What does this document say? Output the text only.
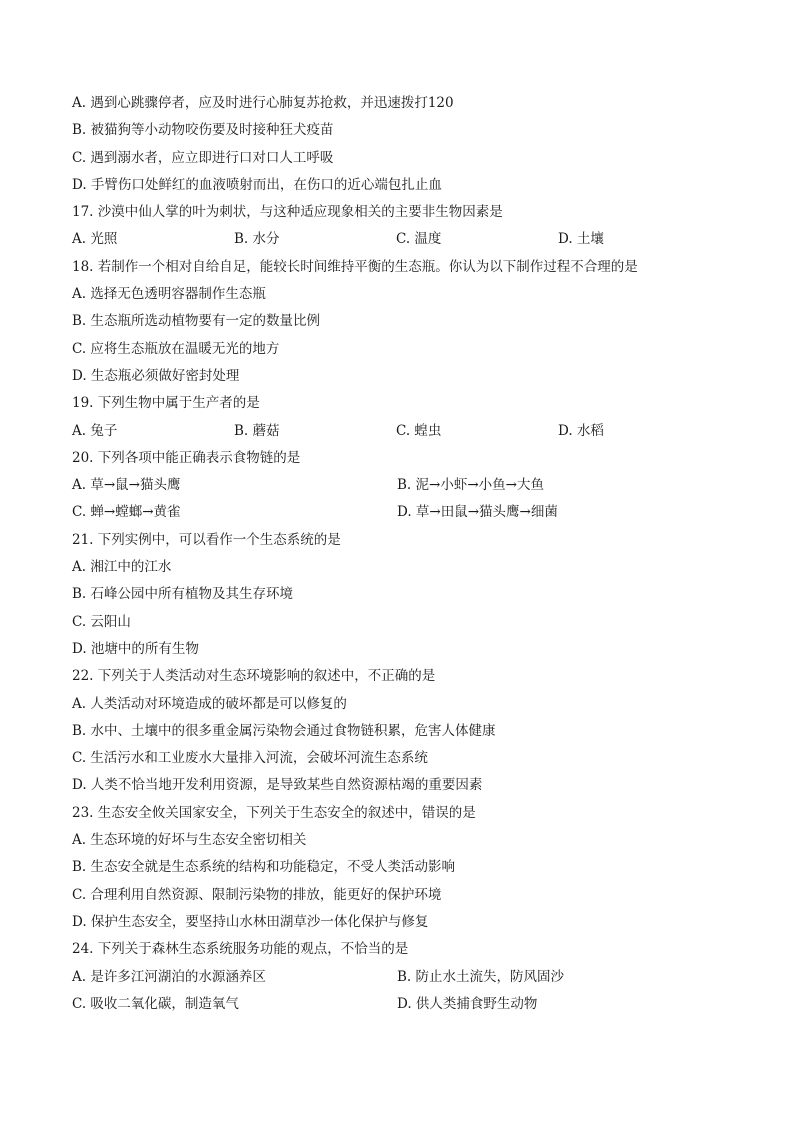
A. 遇到心跳骤停者，应及时进行心肺复苏抢救，并迅速拨打120
B. 被猫狗等小动物咬伤要及时接种狂犬疫苗
C. 遇到溺水者，应立即进行口对口人工呼吸
D. 手臂伤口处鲜红的血液喷射而出，在伤口的近心端包扎止血
17. 沙漠中仙人掌的叶为刺状，与这种适应现象相关的主要非生物因素是
A. 光照	B. 水分	C. 温度	D. 土壤
18. 若制作一个相对自给自足，能较长时间维持平衡的生态瓶。你认为以下制作过程不合理的是
A. 选择无色透明容器制作生态瓶
B. 生态瓶所选动植物要有一定的数量比例
C. 应将生态瓶放在温暖无光的地方
D. 生态瓶必须做好密封处理
19. 下列生物中属于生产者的是
A. 兔子	B. 蘑菇	C. 蝗虫	D. 水稻
20. 下列各项中能正确表示食物链的是
A. 草→鼠→猫头鹰	B. 泥→小虾→小鱼→大鱼
C. 蝉→螳螂→黄雀	D. 草→田鼠→猫头鹰→细菌
21. 下列实例中，可以看作一个生态系统的是
A. 湘江中的江水
B. 石峰公园中所有植物及其生存环境
C. 云阳山
D. 池塘中的所有生物
22. 下列关于人类活动对生态环境影响的叙述中，不正确的是
A. 人类活动对环境造成的破坏都是可以修复的
B. 水中、土壤中的很多重金属污染物会通过食物链积累，危害人体健康
C. 生活污水和工业废水大量排入河流，会破坏河流生态系统
D. 人类不恰当地开发利用资源，是导致某些自然资源枯竭的重要因素
23. 生态安全攸关国家安全，下列关于生态安全的叙述中，错误的是
A. 生态环境的好坏与生态安全密切相关
B. 生态安全就是生态系统的结构和功能稳定，不受人类活动影响
C. 合理利用自然资源、限制污染物的排放，能更好的保护环境
D. 保护生态安全，要坚持山水林田湖草沙一体化保护与修复
24. 下列关于森林生态系统服务功能的观点，不恰当的是
A. 是许多江河湖泊的水源涵养区	B. 防止水土流失，防风固沙
C. 吸收二氧化碳，制造氧气	D. 供人类捕食野生动物
